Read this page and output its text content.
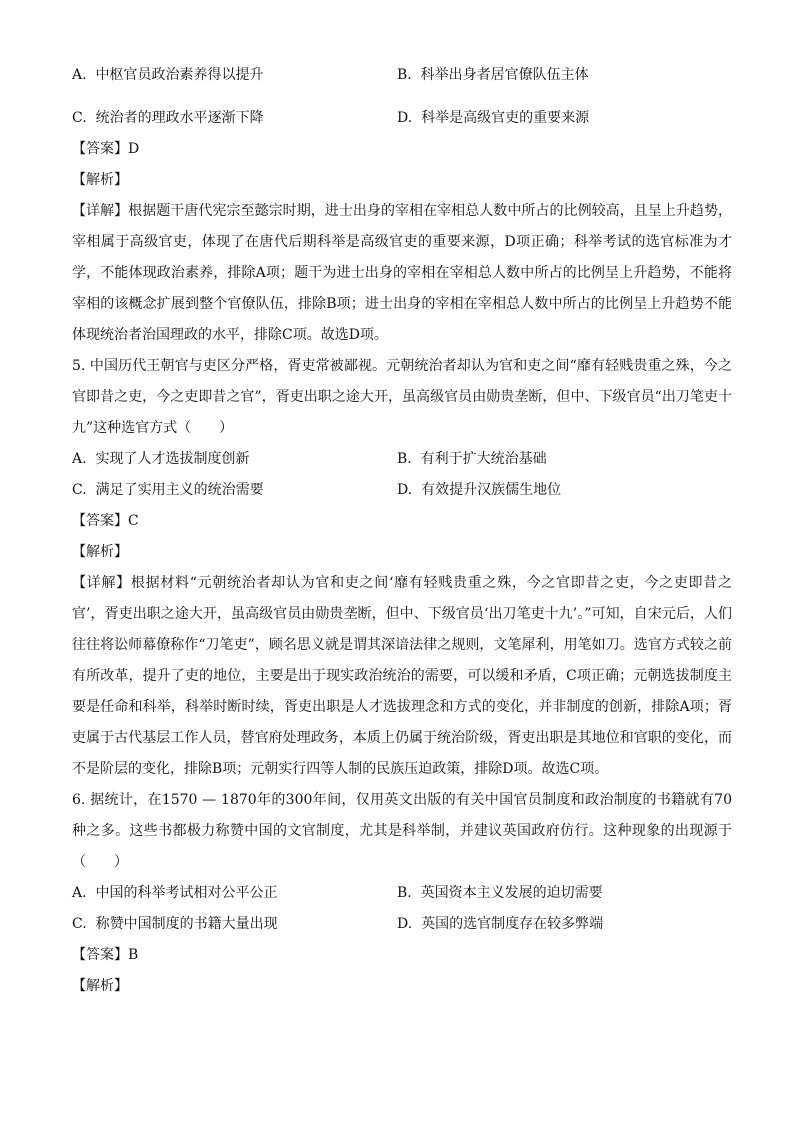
A. 中枢官员政治素养得以提升	B. 科举出身者居官僚队伍主体
C. 统治者的理政水平逐渐下降	D. 科举是高级官吏的重要来源
【答案】D
【解析】
【详解】根据题干唐代宪宗至懿宗时期，进士出身的宰相在宰相总人数中所占的比例较高，且呈上升趋势，宰相属于高级官吏，体现了在唐代后期科举是高级官吏的重要来源，D项正确；科举考试的选官标准为才学，不能体现政治素养，排除A项；题干为进士出身的宰相在宰相总人数中所占的比例呈上升趋势，不能将宰相的该概念扩展到整个官僚队伍，排除B项；进士出身的宰相在宰相总人数中所占的比例呈上升趋势不能体现统治者治国理政的水平，排除C项。故选D项。
5. 中国历代王朝官与吏区分严格，胥吏常被鄙视。元朝统治者却认为官和吏之间“靡有轻贱贵重之殊，今之官即昔之吏，今之吏即昔之官”，胥吏出职之途大开，虽高级官员由勋贵垄断，但中、下级官员“出刀笔吏十九”这种选官方式（　　）
A. 实现了人才选拔制度创新	B. 有利于扩大统治基础
C. 满足了实用主义的统治需要	D. 有效提升汉族儒生地位
【答案】C
【解析】
【详解】根据材料“元朝统治者却认为官和吏之间‘靡有轻贱贵重之殊，今之官即昔之吏，今之吏即昔之官’，胥吏出职之途大开，虽高级官员由勋贵垄断，但中、下级官员‘出刀笔吏十九’。”可知，自宋元后，人们往往将讼师幕僚称作“刀笔吏”，顾名思义就是谓其深谙法律之规则，文笔犀利，用笔如刀。选官方式较之前有所改革，提升了吏的地位，主要是出于现实政治统治的需要，可以缓和矛盾，C项正确；元朝选拔制度主要是任命和科举，科举时断时续，胥吏出职是人才选拔理念和方式的变化，并非制度的创新，排除A项；胥吏属于古代基层工作人员，替官府处理政务，本质上仍属于统治阶级，胥吏出职是其地位和官职的变化，而不是阶层的变化，排除B项；元朝实行四等人制的民族压迫政策，排除D项。故选C项。
6. 据统计，在1570 — 1870年的300年间，仅用英文出版的有关中国官员制度和政治制度的书籍就有70种之多。这些书都极力称赞中国的文官制度，尤其是科举制，并建议英国政府仿行。这种现象的出现源于（　　）
A. 中国的科举考试相对公平公正	B. 英国资本主义发展的迫切需要
C. 称赞中国制度的书籍大量出现	D. 英国的选官制度存在较多弊端
【答案】B
【解析】
